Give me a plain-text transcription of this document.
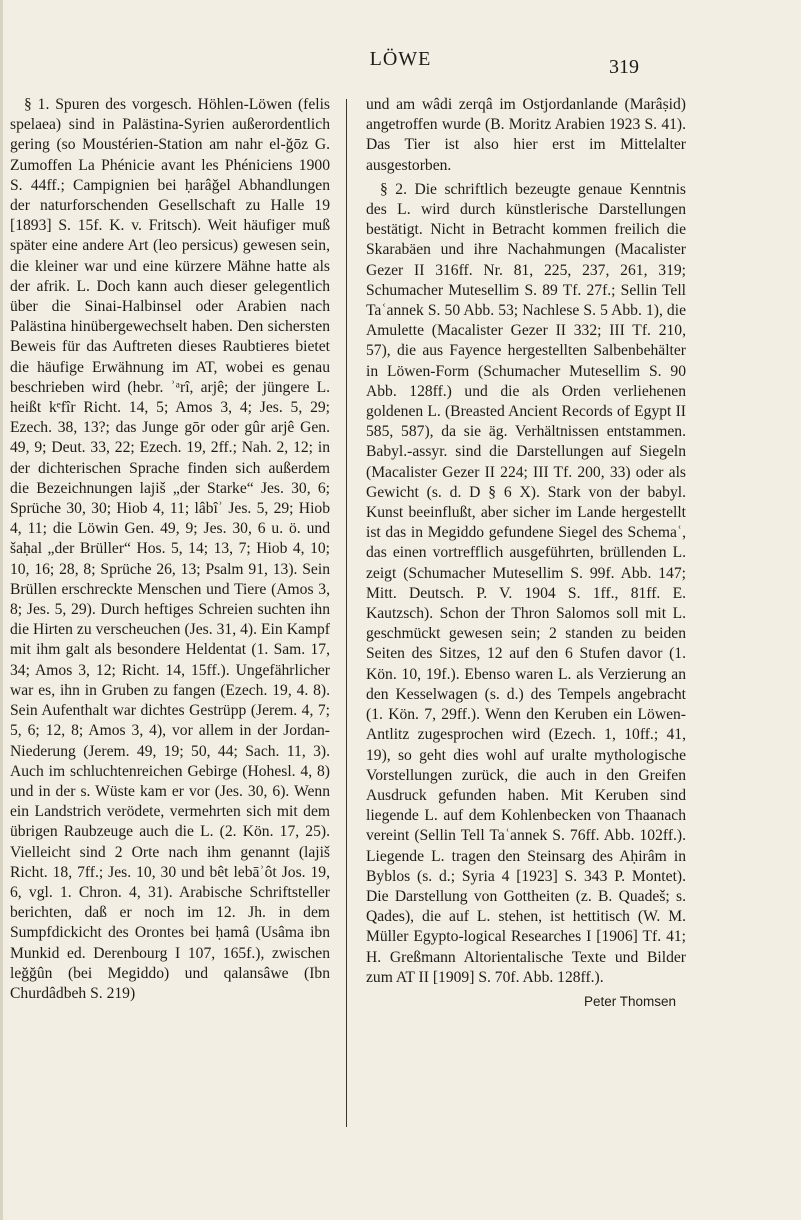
LÖWE	319

§ 1. Spuren des vorgesch. Höhlen-Löwen (felis spelaea) sind in Palästina-Syrien außerordentlich gering (so Moustérien-Station am nahr el-ğōz G. Zumoffen La Phénicie avant les Phéniciens 1900 S. 44ff.; Campignien bei ḥarâğel Abhandlungen der naturforschenden Gesellschaft zu Halle 19 [1893] S. 15f. K. v. Fritsch). Weit häufiger muß später eine andere Art (leo persicus) gewesen sein, die kleiner war und eine kürzere Mähne hatte als der afrik. L. Doch kann auch dieser gelegentlich über die Sinai-Halbinsel oder Arabien nach Palästina hinübergewechselt haben. Den sichersten Beweis für das Auftreten dieses Raubtieres bietet die häufige Erwähnung im AT, wobei es genau beschrieben wird (hebr. ʾᵃrî, arjê; der jüngere L. heißt kᵉfîr Richt. 14, 5; Amos 3, 4; Jes. 5, 29; Ezech. 38, 13?; das Junge gōr oder gûr arjê Gen. 49, 9; Deut. 33, 22; Ezech. 19, 2ff.; Nah. 2, 12; in der dichterischen Sprache finden sich außerdem die Bezeichnungen lajiš „der Starke“ Jes. 30, 6; Sprüche 30, 30; Hiob 4, 11; lâbîʾ Jes. 5, 29; Hiob 4, 11; die Löwin Gen. 49, 9; Jes. 30, 6 u. ö. und šaḥal „der Brüller“ Hos. 5, 14; 13, 7; Hiob 4, 10; 10, 16; 28, 8; Sprüche 26, 13; Psalm 91, 13). Sein Brüllen erschreckte Menschen und Tiere (Amos 3, 8; Jes. 5, 29). Durch heftiges Schreien suchten ihn die Hirten zu verscheuchen (Jes. 31, 4). Ein Kampf mit ihm galt als besondere Heldentat (1. Sam. 17, 34; Amos 3, 12; Richt. 14, 15ff.). Ungefährlicher war es, ihn in Gruben zu fangen (Ezech. 19, 4. 8). Sein Aufenthalt war dichtes Gestrüpp (Jerem. 4, 7; 5, 6; 12, 8; Amos 3, 4), vor allem in der Jordan-Niederung (Jerem. 49, 19; 50, 44; Sach. 11, 3). Auch im schluchtenreichen Gebirge (Hohesl. 4, 8) und in der s. Wüste kam er vor (Jes. 30, 6). Wenn ein Landstrich verödete, vermehrten sich mit dem übrigen Raubzeuge auch die L. (2. Kön. 17, 25). Vielleicht sind 2 Orte nach ihm genannt (lajiš Richt. 18, 7ff.; Jes. 10, 30 und bêt lebāʾôt Jos. 19, 6, vgl. 1. Chron. 4, 31). Arabische Schriftsteller berichten, daß er noch im 12. Jh. in dem Sumpfdickicht des Orontes bei ḥamâ (Usâma ibn Munkid ed. Derenbourg I 107, 165f.), zwischen leğğûn (bei Megiddo) und qalansâwe (Ibn Churdâdbeh S. 219)

und am wâdi zerqâ im Ostjordanlande (Marâṣid) angetroffen wurde (B. Moritz Arabien 1923 S. 41). Das Tier ist also hier erst im Mittelalter ausgestorben.

§ 2. Die schriftlich bezeugte genaue Kenntnis des L. wird durch künstlerische Darstellungen bestätigt. Nicht in Betracht kommen freilich die Skarabäen und ihre Nachahmungen (Macalister Gezer II 316ff. Nr. 81, 225, 237, 261, 319; Schumacher Mutesellim S. 89 Tf. 27f.; Sellin Tell Taʿannek S. 50 Abb. 53; Nachlese S. 5 Abb. 1), die Amulette (Macalister Gezer II 332; III Tf. 210, 57), die aus Fayence hergestellten Salbenbehälter in Löwen-Form (Schumacher Mutesellim S. 90 Abb. 128ff.) und die als Orden verliehenen goldenen L. (Breasted Ancient Records of Egypt II 585, 587), da sie äg. Verhältnissen entstammen. Babyl.-assyr. sind die Darstellungen auf Siegeln (Macalister Gezer II 224; III Tf. 200, 33) oder als Gewicht (s. d. D § 6 X). Stark von der babyl. Kunst beeinflußt, aber sicher im Lande hergestellt ist das in Megiddo gefundene Siegel des Schemaʿ, das einen vortrefflich ausgeführten, brüllenden L. zeigt (Schumacher Mutesellim S. 99f. Abb. 147; Mitt. Deutsch. P. V. 1904 S. 1ff., 81ff. E. Kautzsch). Schon der Thron Salomos soll mit L. geschmückt gewesen sein; 2 standen zu beiden Seiten des Sitzes, 12 auf den 6 Stufen davor (1. Kön. 10, 19f.). Ebenso waren L. als Verzierung an den Kesselwagen (s. d.) des Tempels angebracht (1. Kön. 7, 29ff.). Wenn den Keruben ein Löwen-Antlitz zugesprochen wird (Ezech. 1, 10ff.; 41, 19), so geht dies wohl auf uralte mythologische Vorstellungen zurück, die auch in den Greifen Ausdruck gefunden haben. Mit Keruben sind liegende L. auf dem Kohlenbecken von Thaanach vereint (Sellin Tell Taʿannek S. 76ff. Abb. 102ff.). Liegende L. tragen den Steinsarg des Aḥirâm in Byblos (s. d.; Syria 4 [1923] S. 343 P. Montet). Die Darstellung von Gottheiten (z. B. Quadeš; s. Qades), die auf L. stehen, ist hettitisch (W. M. Müller Egypto-logical Researches I [1906] Tf. 41; H. Greßmann Altorientalische Texte und Bilder zum AT II [1909] S. 70f. Abb. 128ff.).

Peter Thomsen
